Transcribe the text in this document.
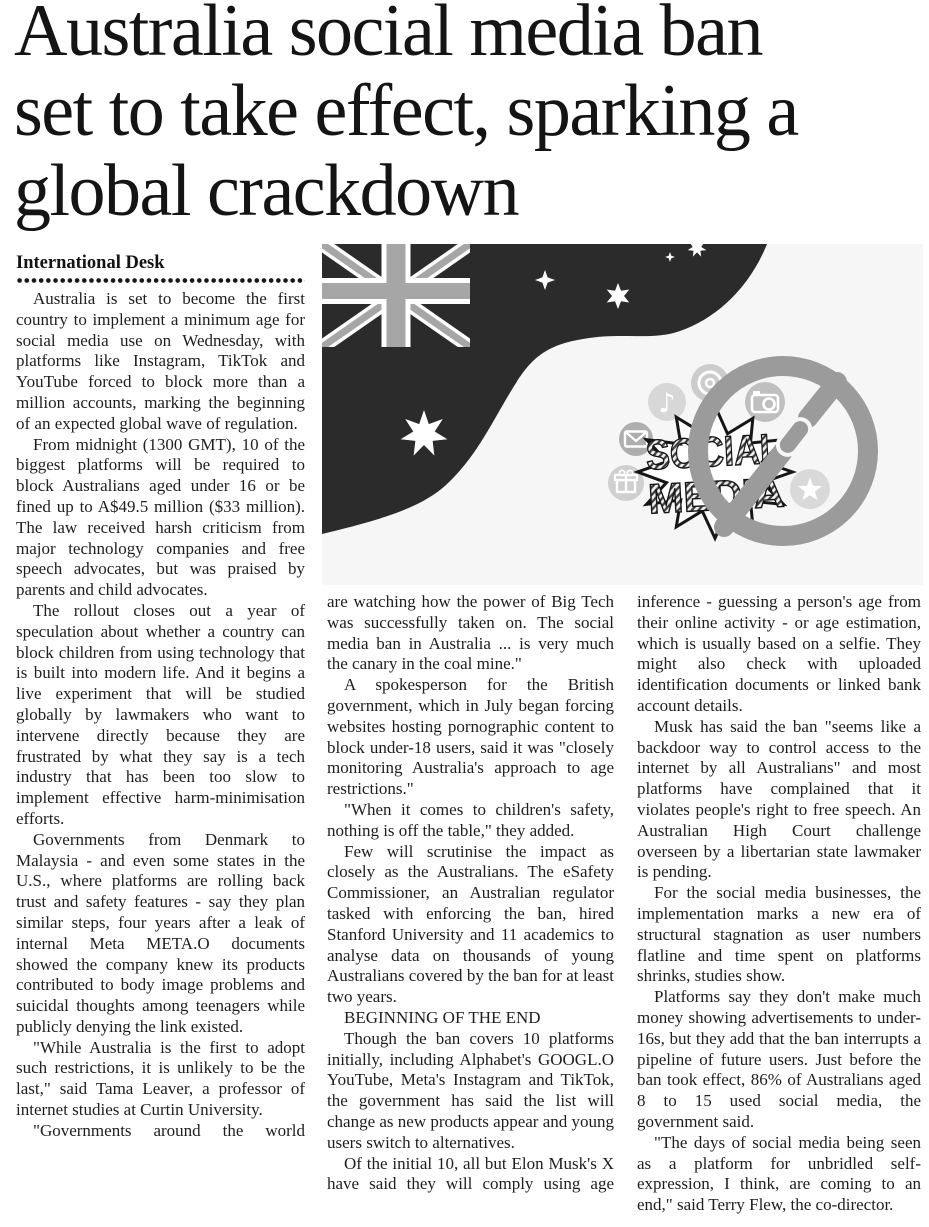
Australia social media ban
set to take effect, sparking a
global crackdown
International Desk

Australia is set to become the first country to implement a minimum age for social media use on Wednesday, with platforms like Instagram, TikTok and YouTube forced to block more than a million accounts, marking the beginning of an expected global wave of regulation.

From midnight (1300 GMT), 10 of the biggest platforms will be required to block Australians aged under 16 or be fined up to A$49.5 million ($33 million). The law received harsh criticism from major technology companies and free speech advocates, but was praised by parents and child advocates.

The rollout closes out a year of speculation about whether a country can block children from using technology that is built into modern life. And it begins a live experiment that will be studied globally by lawmakers who want to intervene directly because they are frustrated by what they say is a tech industry that has been too slow to implement effective harm-minimisation efforts.

Governments from Denmark to Malaysia - and even some states in the U.S., where platforms are rolling back trust and safety features - say they plan similar steps, four years after a leak of internal Meta META.O documents showed the company knew its products contributed to body image problems and suicidal thoughts among teenagers while publicly denying the link existed.

"While Australia is the first to adopt such restrictions, it is unlikely to be the last," said Tama Leaver, a professor of internet studies at Curtin University.

"Governments around the world

♪
SOCIAL
MEDIA

are watching how the power of Big Tech was successfully taken on. The social media ban in Australia ... is very much the canary in the coal mine."

A spokesperson for the British government, which in July began forcing websites hosting pornographic content to block under-18 users, said it was "closely monitoring Australia's approach to age restrictions."

"When it comes to children's safety, nothing is off the table," they added.

Few will scrutinise the impact as closely as the Australians. The eSafety Commissioner, an Australian regulator tasked with enforcing the ban, hired Stanford University and 11 academics to analyse data on thousands of young Australians covered by the ban for at least two years.

BEGINNING OF THE END

Though the ban covers 10 platforms initially, including Alphabet's GOOGL.O YouTube, Meta's Instagram and TikTok, the government has said the list will change as new products appear and young users switch to alternatives.

Of the initial 10, all but Elon Musk's X have said they will comply using age

inference - guessing a person's age from their online activity - or age estimation, which is usually based on a selfie. They might also check with uploaded identification documents or linked bank account details.

Musk has said the ban "seems like a backdoor way to control access to the internet by all Australians" and most platforms have complained that it violates people's right to free speech. An Australian High Court challenge overseen by a libertarian state lawmaker is pending.

For the social media businesses, the implementation marks a new era of structural stagnation as user numbers flatline and time spent on platforms shrinks, studies show.

Platforms say they don't make much money showing advertisements to under-16s, but they add that the ban interrupts a pipeline of future users. Just before the ban took effect, 86% of Australians aged 8 to 15 used social media, the government said.

"The days of social media being seen as a platform for unbridled self-expression, I think, are coming to an end," said Terry Flew, the co-director.
